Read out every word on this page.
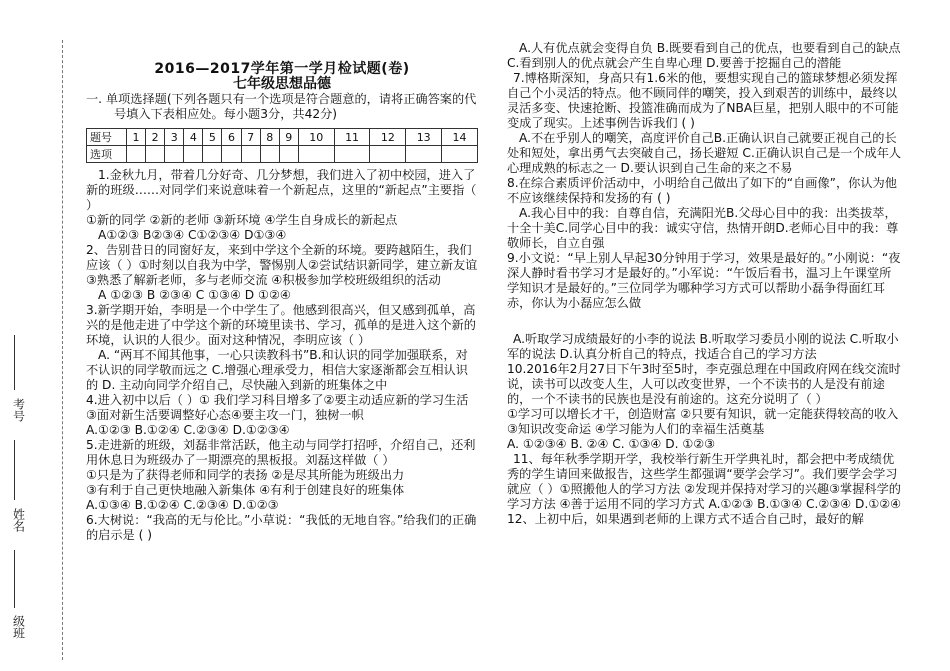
考号
姓名
级班

2016—2017学年第一学月检试题(卷)

七年级思想品德

一. 单项选择题(下列各题只有一个选项是符合题意的，请将正确答案的代号填入下表相应处。每小题3分，共42分)

题号	1	2	3	4	5	6	7	8	9	10	11	12	13	14
选项														

1.金秋九月，带着几分好奇、几分梦想，我们进入了初中校园，进入了新的班级……对同学们来说意味着一个新起点，这里的“新起点”主要指（ ）

①新的同学 ②新的老师 ③新环境 ④学生自身成长的新起点

A①②③ B②③④ C①②③④ D①③④

2、告别昔日的同窗好友，来到中学这个全新的环境。要跨越陌生，我们应该（ ）①时刻以自我为中学，警惕别人②尝试结识新同学，建立新友谊③熟悉了解新老师，多与老师交流 ④积极参加学校班级组织的活动

A ①②③ B ②③④ C ①③④ D ①②④

3.新学期开始，李明是一个中学生了。他感到很高兴，但又感到孤单，高兴的是他走进了中学这个新的环境里读书、学习，孤单的是进入这个新的环境，认识的人很少。面对这种情况，李明应该（ ）

A. “两耳不闻其他事，一心只读教科书”B.和认识的同学加强联系，对不认识的同学敬而远之 C.增强心理承受力，相信大家逐渐都会互相认识的 D. 主动向同学介绍自己，尽快融入到新的班集体之中

4.进入初中以后（ ）① 我们学习科目增多了②要主动适应新的学习生活③面对新生活要调整好心态④要主攻一门，独树一帜

A.①②③ B.①②④ C.②③④ D.①②③④

5.走进新的班级，刘磊非常活跃，他主动与同学打招呼，介绍自己，还利用休息日为班级办了一期漂亮的黑板报。刘磊这样做（ ）

①只是为了获得老师和同学的表扬 ②是尽其所能为班级出力

③有利于自己更快地融入新集体 ④有利于创建良好的班集体

A.①③④ B.①②④ C.②③④ D.①②③

6.大树说：“我高的无与伦比。”小草说：“我低的无地自容。”给我们的正确的启示是 ( )

A.人有优点就会变得自负 B.既要看到自己的优点，也要看到自己的缺点C.看到别人的优点就会产生自卑心理 D.要善于挖掘自己的潜能

7.博格斯深知，身高只有1.6米的他，要想实现自己的篮球梦想必须发挥自己个小灵活的特点。他不顾同伴的嘲笑，投入到艰苦的训练中，最终以灵活多变、快速抢断、投篮准确而成为了NBA巨星，把别人眼中的不可能变成了现实。上述事例告诉我们 ( )

A.不在乎别人的嘲笑，高度评价自己B.正确认识自己就要正视自己的长处和短处，拿出勇气去突破自己，扬长避短 C.正确认识自己是一个成年人心理成熟的标志之一 D.要认识到自己生命的来之不易

8.在综合素质评价活动中，小明给自己做出了如下的“自画像”，你认为他不应该继续保持和发扬的有 ( )

A.我心目中的我：自尊自信，充满阳光B.父母心目中的我：出类拔萃，十全十美C.同学心目中的我：诚实守信，热情开朗D.老师心目中的我：尊敬师长，自立自强

9.小文说：“早上别人早起30分钟用于学习，效果是最好的。”小刚说：“夜深人静时看书学习才是最好的。”小军说：“午饭后看书，温习上午课堂所学知识才是最好的。”三位同学为哪种学习方式可以帮助小磊争得面红耳赤，你认为小磊应怎么做

A.听取学习成绩最好的小李的说法 B.听取学习委员小刚的说法 C.听取小军的说法 D.认真分析自己的特点，找适合自己的学习方法

10.2016年2月27日下午3时至5时，李克强总理在中国政府网在线交流时说，读书可以改变人生，人可以改变世界，一个不读书的人是没有前途的，一个不读书的民族也是没有前途的。这充分说明了（ ）

①学习可以增长才干，创造财富 ②只要有知识，就一定能获得较高的收入 ③知识改变命运 ④学习能为人们的幸福生活奠基

A. ①②③④ B. ②④ C. ①③④ D. ①②③

11、每年秋季学期开学，我校举行新生开学典礼时，都会把中考成绩优秀的学生请回来做报告，这些学生都强调“要学会学习”。我们要学会学习就应（ ）①照搬他人的学习方法 ②发现并保持对学习的兴趣③掌握科学的学习方法 ④善于运用不同的学习方式 A.①②③ B.①③④ C.②③④ D.①②④

12、上初中后，如果遇到老师的上课方式不适合自己时，最好的解
